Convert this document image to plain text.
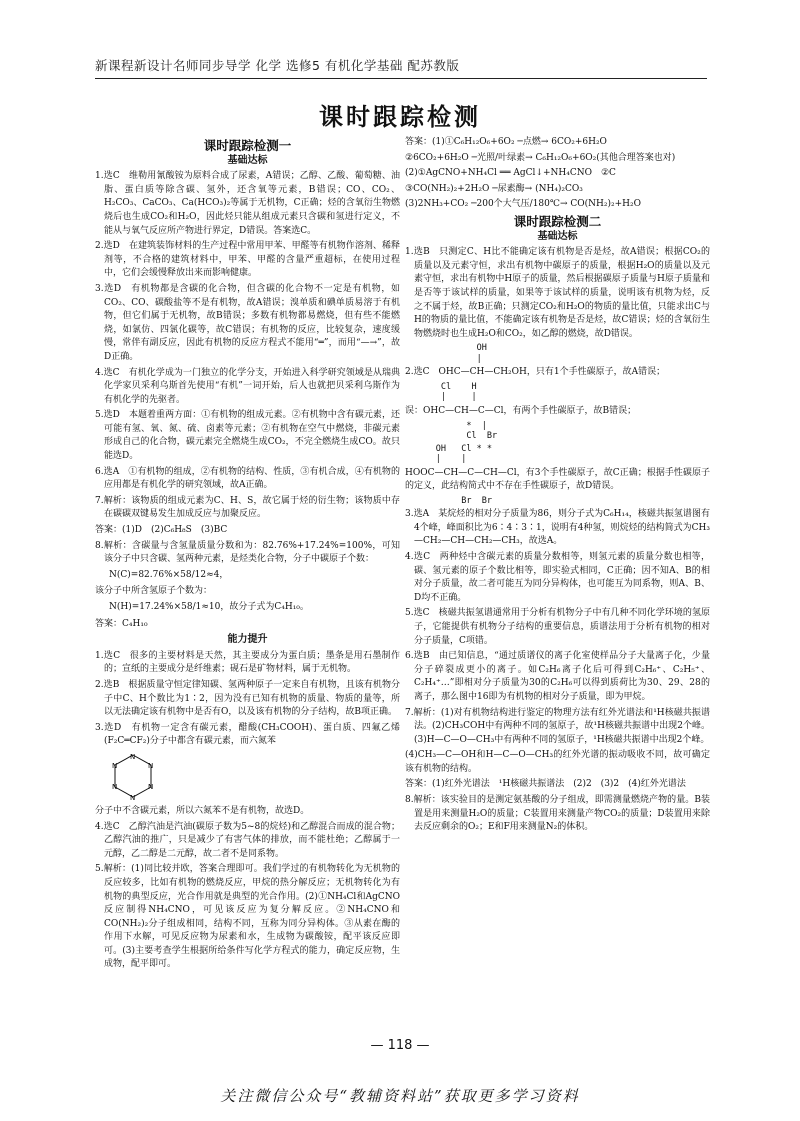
新课程新设计名师同步导学 化学 选修5 有机化学基础 配苏教版
课时跟踪检测
课时跟踪检测一
基础达标

1.选C　维勒用氰酸铵为原料合成了尿素，A错误；乙醇、乙酸、葡萄糖、油脂、蛋白质等除含碳、氢外，还含氧等元素，B错误；CO、CO₂、H₂CO₃、CaCO₃、Ca(HCO₃)₂等属于无机物，C正确；烃的含氧衍生物燃烧后也生成CO₂和H₂O，因此烃只能从组成元素只含碳和氢进行定义，不能从与氧气反应所产物进行界定，D错误。答案选C。

2.选D　在建筑装饰材料的生产过程中常用甲苯、甲醛等有机物作溶剂、稀释剂等，不合格的建筑材料中，甲苯、甲醛的含量严重超标，在使用过程中，它们会缓慢释放出来而影响健康。

3.选D　有机物都是含碳的化合物，但含碳的化合物不一定是有机物，如CO₂、CO、碳酸盐等不是有机物，故A错误；溴单质和碘单质易溶于有机物，但它们属于无机物，故B错误；多数有机物都易燃烧，但有些不能燃烧，如氯仿、四氯化碳等，故C错误；有机物的反应，比较复杂，速度缓慢，常伴有副反应，因此有机物的反应方程式不能用“═”，而用“—→”，故D正确。

4.选C　有机化学成为一门独立的化学分支，开始进入科学研究领域是从瑞典化学家贝采利乌斯首先使用“有机”一词开始，后人也就把贝采利乌斯作为有机化学的先驱者。

5.选D　本题着重两方面：①有机物的组成元素。②有机物中含有碳元素，还可能有氢、氧、氮、硫、卤素等元素；②有机物在空气中燃烧，非碳元素形成自己的化合物，碳元素完全燃烧生成CO₂，不完全燃烧生成CO。故只能选D。

6.选A　①有机物的组成，②有机物的结构、性质，③有机合成，④有机物的应用都是有机化学的研究领域，故A正确。

7.解析：该物质的组成元素为C、H、S，故它属于烃的衍生物；该物质中存在碳碳双键易发生加成反应与加聚反应。

答案：(1)D　(2)C₆H₈S　(3)BC

8.解析：含碳量与含氢量质量分数和为：82.76%+17.24%=100%，可知该分子中只含碳、氢两种元素，是烃类化合物，分子中碳原子个数：

N(C)=82.76%×58/12≈4，

该分子中所含氢原子个数为：

N(H)=17.24%×58/1≈10，故分子式为C₄H₁₀。

答案：C₄H₁₀

能力提升

1.选C　很多的主要材料是天然，其主要成分为蛋白质；墨条是用石墨制作的；宣纸的主要成分是纤维素；砚石是矿物材料，属于无机物。

2.选B　根据质量守恒定律知碳、氢两种原子一定来自有机物，且该有机物分子中C、H个数比为1∶2，因为没有已知有机物的质量、物质的量等，所以无法确定该有机物中是否有O，以及该有机物的分子结构，故B项正确。

3.选D　有机物一定含有碳元素，醋酸(CH₃COOH)、蛋白质、四氟乙烯(F₂C═CF₂)分子中都含有碳元素，而六氮苯

N
N
N
N
N
N

分子中不含碳元素，所以六氮苯不是有机物，故选D。

4.选C　乙醇汽油是汽油(碳原子数为5~8的烷烃)和乙醇混合而成的混合物；乙醇汽油的推广，只是减少了有害气体的排放，而不能杜绝；乙醇属于一元醇，乙二醇是二元醇，故二者不是同系物。

5.解析：(1)同比较并欧，答案合理即可。我们学过的有机物转化为无机物的反应较多，比如有机物的燃烧反应，甲烷的热分解反应；无机物转化为有机物的典型反应，光合作用就是典型的光合作用。(2)①NH₄Cl和AgCNO反应制得NH₄CNO，可见该反应为复分解反应。②NH₄CNO和CO(NH₂)₂分子组成相同，结构不同，互称为同分异构体。③从素在酶的作用下水解，可见反应物为尿素和水，生成物为碳酸铵，配平该反应即可。(3)主要考查学生根据所给条件写化学方程式的能力，确定反应物，生成物，配平即可。

答案：(1)①C₆H₁₂O₆+6O₂ ─点燃→ 6CO₂+6H₂O

②6CO₂+6H₂O ─光照/叶绿素→ C₆H₁₂O₆+6O₂(其他合理答案也对)

(2)①AgCNO+NH₄Cl ══ AgCl↓+NH₄CNO　②C

③CO(NH₂)₂+2H₂O ─尿素酶→ (NH₄)₂CO₃

(3)2NH₃+CO₂ ─200个大气压/180℃→ CO(NH₂)₂+H₂O

课时跟踪检测二
基础达标

1.选B　只测定C、H比不能确定该有机物是否是烃，故A错误；根据CO₂的质量以及元素守恒，求出有机物中碳原子的质量，根据H₂O的质量以及元素守恒，求出有机物中H原子的质量，然后根据碳原子质量与H原子质量和是否等于该试样的质量，如果等于该试样的质量，说明该有机物为烃，反之不属于烃，故B正确；只测定CO₂和H₂O的物质的量比值，只能求出C与H的物质的量比值，不能确定该有机物是否是烃，故C错误；烃的含氧衍生物燃烧时也生成H₂O和CO₂，如乙醇的燃烧，故D错误。

OH
|

2.选C　OHC—CH—CH₂OH，只有1个手性碳原子，故A错误；

Cl    H
|     |

误：OHC—CH—C—Cl，有两个手性碳原子，故B错误；

*  |
Cl  Br
OH   Cl * *
|    |

HOOC—CH—C—CH—Cl，有3个手性碳原子，故C正确；根据手性碳原子的定义，此结构简式中不存在手性碳原子，故D错误。

Br  Br

3.选A　某烷烃的相对分子质量为86，则分子式为C₆H₁₄，核磁共振氢谱图有4个峰，峰面积比为6∶4∶3∶1，说明有4种氢，则烷烃的结构简式为CH₃—CH₂—CH—CH₂—CH₃，故选A。

4.选C　两种烃中含碳元素的质量分数相等，则氢元素的质量分数也相等，碳、氢元素的原子个数比相等，即实验式相同，C正确；因不知A、B的相对分子质量，故二者可能互为同分异构体，也可能互为同系物，则A、B、D均不正确。

5.选C　核磁共振氢谱通常用于分析有机物分子中有几种不同化学环境的氢原子，它能提供有机物分子结构的重要信息，质谱法用于分析有机物的相对分子质量，C项错。

6.选B　由已知信息，“通过质谱仪的离子化室使样品分子大量离子化，少量分子碎裂成更小的离子。如C₂H₆离子化后可得到C₂H₆⁺、C₂H₅⁺、C₂H₄⁺…”即相对分子质量为30的C₂H₆可以得到质荷比为30、29、28的离子，那么图中16即为有机物的相对分子质量，即为甲烷。

7.解析：(1)对有机物结构进行鉴定的物理方法有红外光谱法和¹H核磁共振谱法。(2)CH₃COH中有两种不同的氢原子，故¹H核磁共振谱中出现2个峰。(3)H—C—O—CH₃中有两种不同的氢原子，¹H核磁共振谱中出现2个峰。

(4)CH₃—C—OH和H—C—O—CH₃的红外光谱的振动吸收不同，故可确定该有机物的结构。

答案：(1)红外光谱法　¹H核磁共振谱法　(2)2　(3)2　(4)红外光谱法

8.解析：该实验目的是测定氨基酸的分子组成，即需测量燃烧产物的量。B装置是用来测量H₂O的质量；C装置用来测量产物CO₂的质量；D装置用来除去反应剩余的O₂；E和F用来测量N₂的体积。

— 118 —
关注微信公众号“教辅资料站”获取更多学习资料
